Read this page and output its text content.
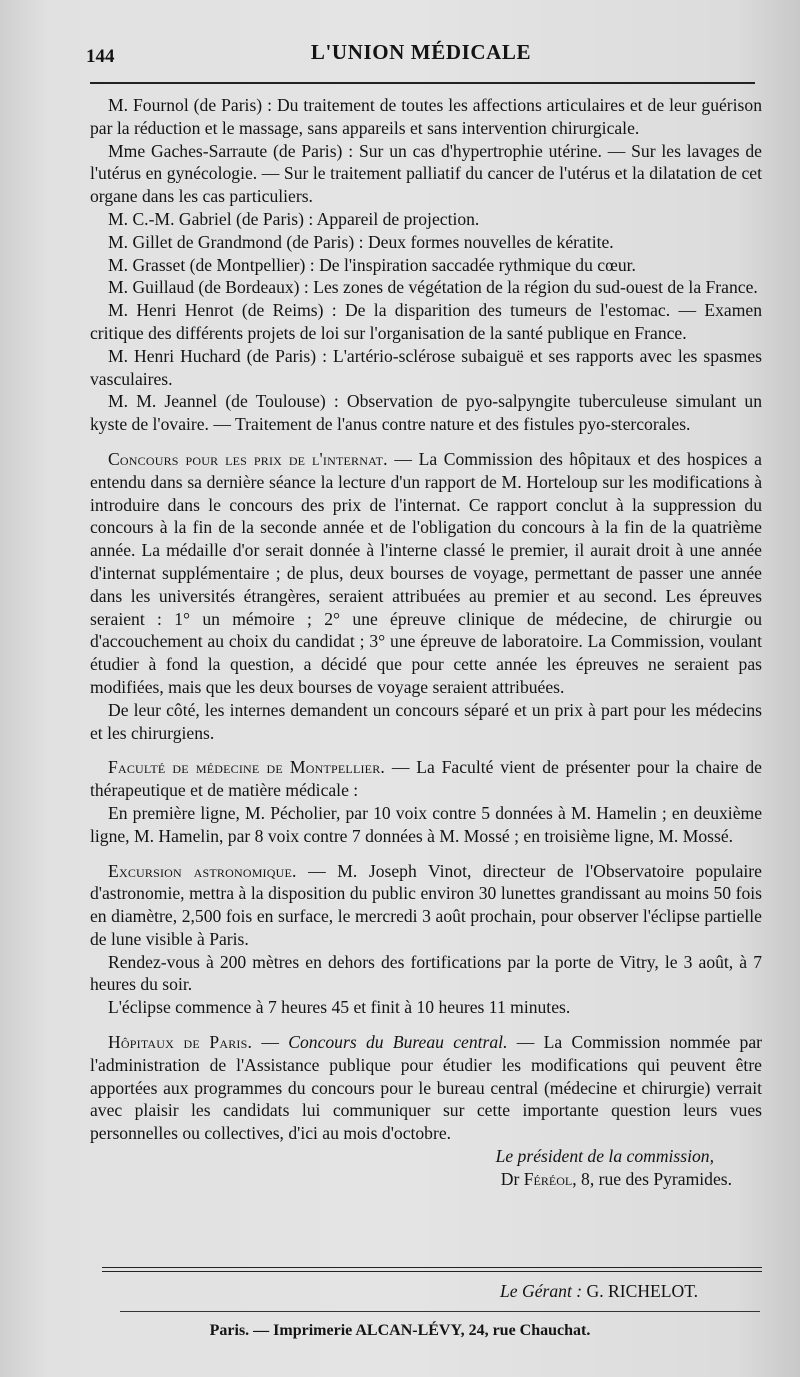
144	L'UNION MÉDICALE

M. Fournol (de Paris) : Du traitement de toutes les affections articulaires et de leur guérison par la réduction et le massage, sans appareils et sans intervention chirurgicale.

Mme Gaches-Sarraute (de Paris) : Sur un cas d'hypertrophie utérine. — Sur les lavages de l'utérus en gynécologie. — Sur le traitement palliatif du cancer de l'utérus et la dilatation de cet organe dans les cas particuliers.

M. C.-M. Gabriel (de Paris) : Appareil de projection.

M. Gillet de Grandmond (de Paris) : Deux formes nouvelles de kératite.

M. Grasset (de Montpellier) : De l'inspiration saccadée rythmique du cœur.

M. Guillaud (de Bordeaux) : Les zones de végétation de la région du sud-ouest de la France.

M. Henri Henrot (de Reims) : De la disparition des tumeurs de l'estomac. — Examen critique des différents projets de loi sur l'organisation de la santé publique en France.

M. Henri Huchard (de Paris) : L'artério-sclérose subaiguë et ses rapports avec les spasmes vasculaires.

M. M. Jeannel (de Toulouse) : Observation de pyo-salpyngite tuberculeuse simulant un kyste de l'ovaire. — Traitement de l'anus contre nature et des fistules pyo-stercorales.

Concours pour les prix de l'internat. — La Commission des hôpitaux et des hospices a entendu dans sa dernière séance la lecture d'un rapport de M. Horteloup sur les modifications à introduire dans le concours des prix de l'internat. Ce rapport conclut à la suppression du concours à la fin de la seconde année et de l'obligation du concours à la fin de la quatrième année. La médaille d'or serait donnée à l'interne classé le premier, il aurait droit à une année d'internat supplémentaire ; de plus, deux bourses de voyage, permettant de passer une année dans les universités étrangères, seraient attribuées au premier et au second. Les épreuves seraient : 1° un mémoire ; 2° une épreuve clinique de médecine, de chirurgie ou d'accouchement au choix du candidat ; 3° une épreuve de laboratoire. La Commission, voulant étudier à fond la question, a décidé que pour cette année les épreuves ne seraient pas modifiées, mais que les deux bourses de voyage seraient attribuées.

De leur côté, les internes demandent un concours séparé et un prix à part pour les médecins et les chirurgiens.

Faculté de médecine de Montpellier. — La Faculté vient de présenter pour la chaire de thérapeutique et de matière médicale :

En première ligne, M. Pécholier, par 10 voix contre 5 données à M. Hamelin ; en deuxième ligne, M. Hamelin, par 8 voix contre 7 données à M. Mossé ; en troisième ligne, M. Mossé.

Excursion astronomique. — M. Joseph Vinot, directeur de l'Observatoire populaire d'astronomie, mettra à la disposition du public environ 30 lunettes grandissant au moins 50 fois en diamètre, 2,500 fois en surface, le mercredi 3 août prochain, pour observer l'éclipse partielle de lune visible à Paris.

Rendez-vous à 200 mètres en dehors des fortifications par la porte de Vitry, le 3 août, à 7 heures du soir.

L'éclipse commence à 7 heures 45 et finit à 10 heures 11 minutes.

Hôpitaux de Paris. — Concours du Bureau central. — La Commission nommée par l'administration de l'Assistance publique pour étudier les modifications qui peuvent être apportées aux programmes du concours pour le bureau central (médecine et chirurgie) verrait avec plaisir les candidats lui communiquer sur cette importante question leurs vues personnelles ou collectives, d'ici au mois d'octobre.

Le président de la commission,

Dr Féréol, 8, rue des Pyramides.

Le Gérant : G. RICHELOT.
Paris. — Imprimerie ALCAN-LÉVY, 24, rue Chauchat.
